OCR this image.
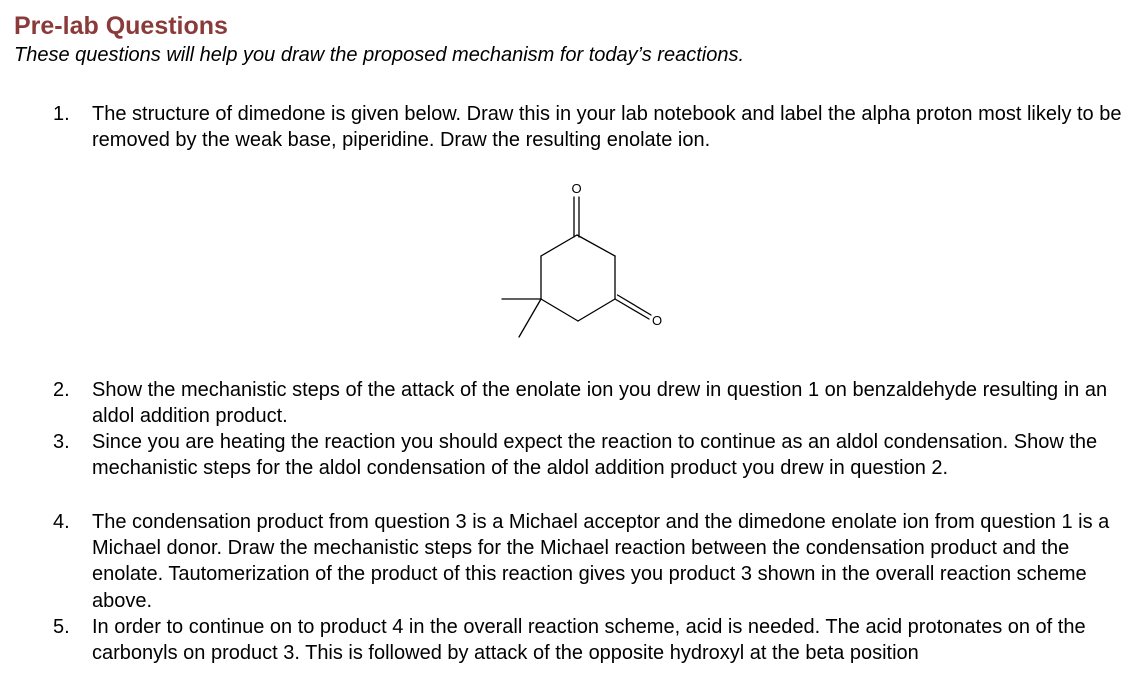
Pre-lab Questions
These questions will help you draw the proposed mechanism for today’s reactions.
1.	The structure of dimedone is given below. Draw this in your lab notebook and label the alpha proton most likely to be removed by the weak base, piperidine. Draw the resulting enolate ion.
O
O
2.	Show the mechanistic steps of the attack of the enolate ion you drew in question 1 on benzaldehyde resulting in an aldol addition product.
3.	Since you are heating the reaction you should expect the reaction to continue as an aldol condensation. Show the mechanistic steps for the aldol condensation of the aldol addition product you drew in question 2.
4.	The condensation product from question 3 is a Michael acceptor and the dimedone enolate ion from question 1 is a Michael donor. Draw the mechanistic steps for the Michael reaction between the condensation product and the enolate. Tautomerization of the product of this reaction gives you product 3 shown in the overall reaction scheme above.
5.	In order to continue on to product 4 in the overall reaction scheme, acid is needed. The acid protonates on of the carbonyls on product 3. This is followed by attack of the opposite hydroxyl at the beta position
